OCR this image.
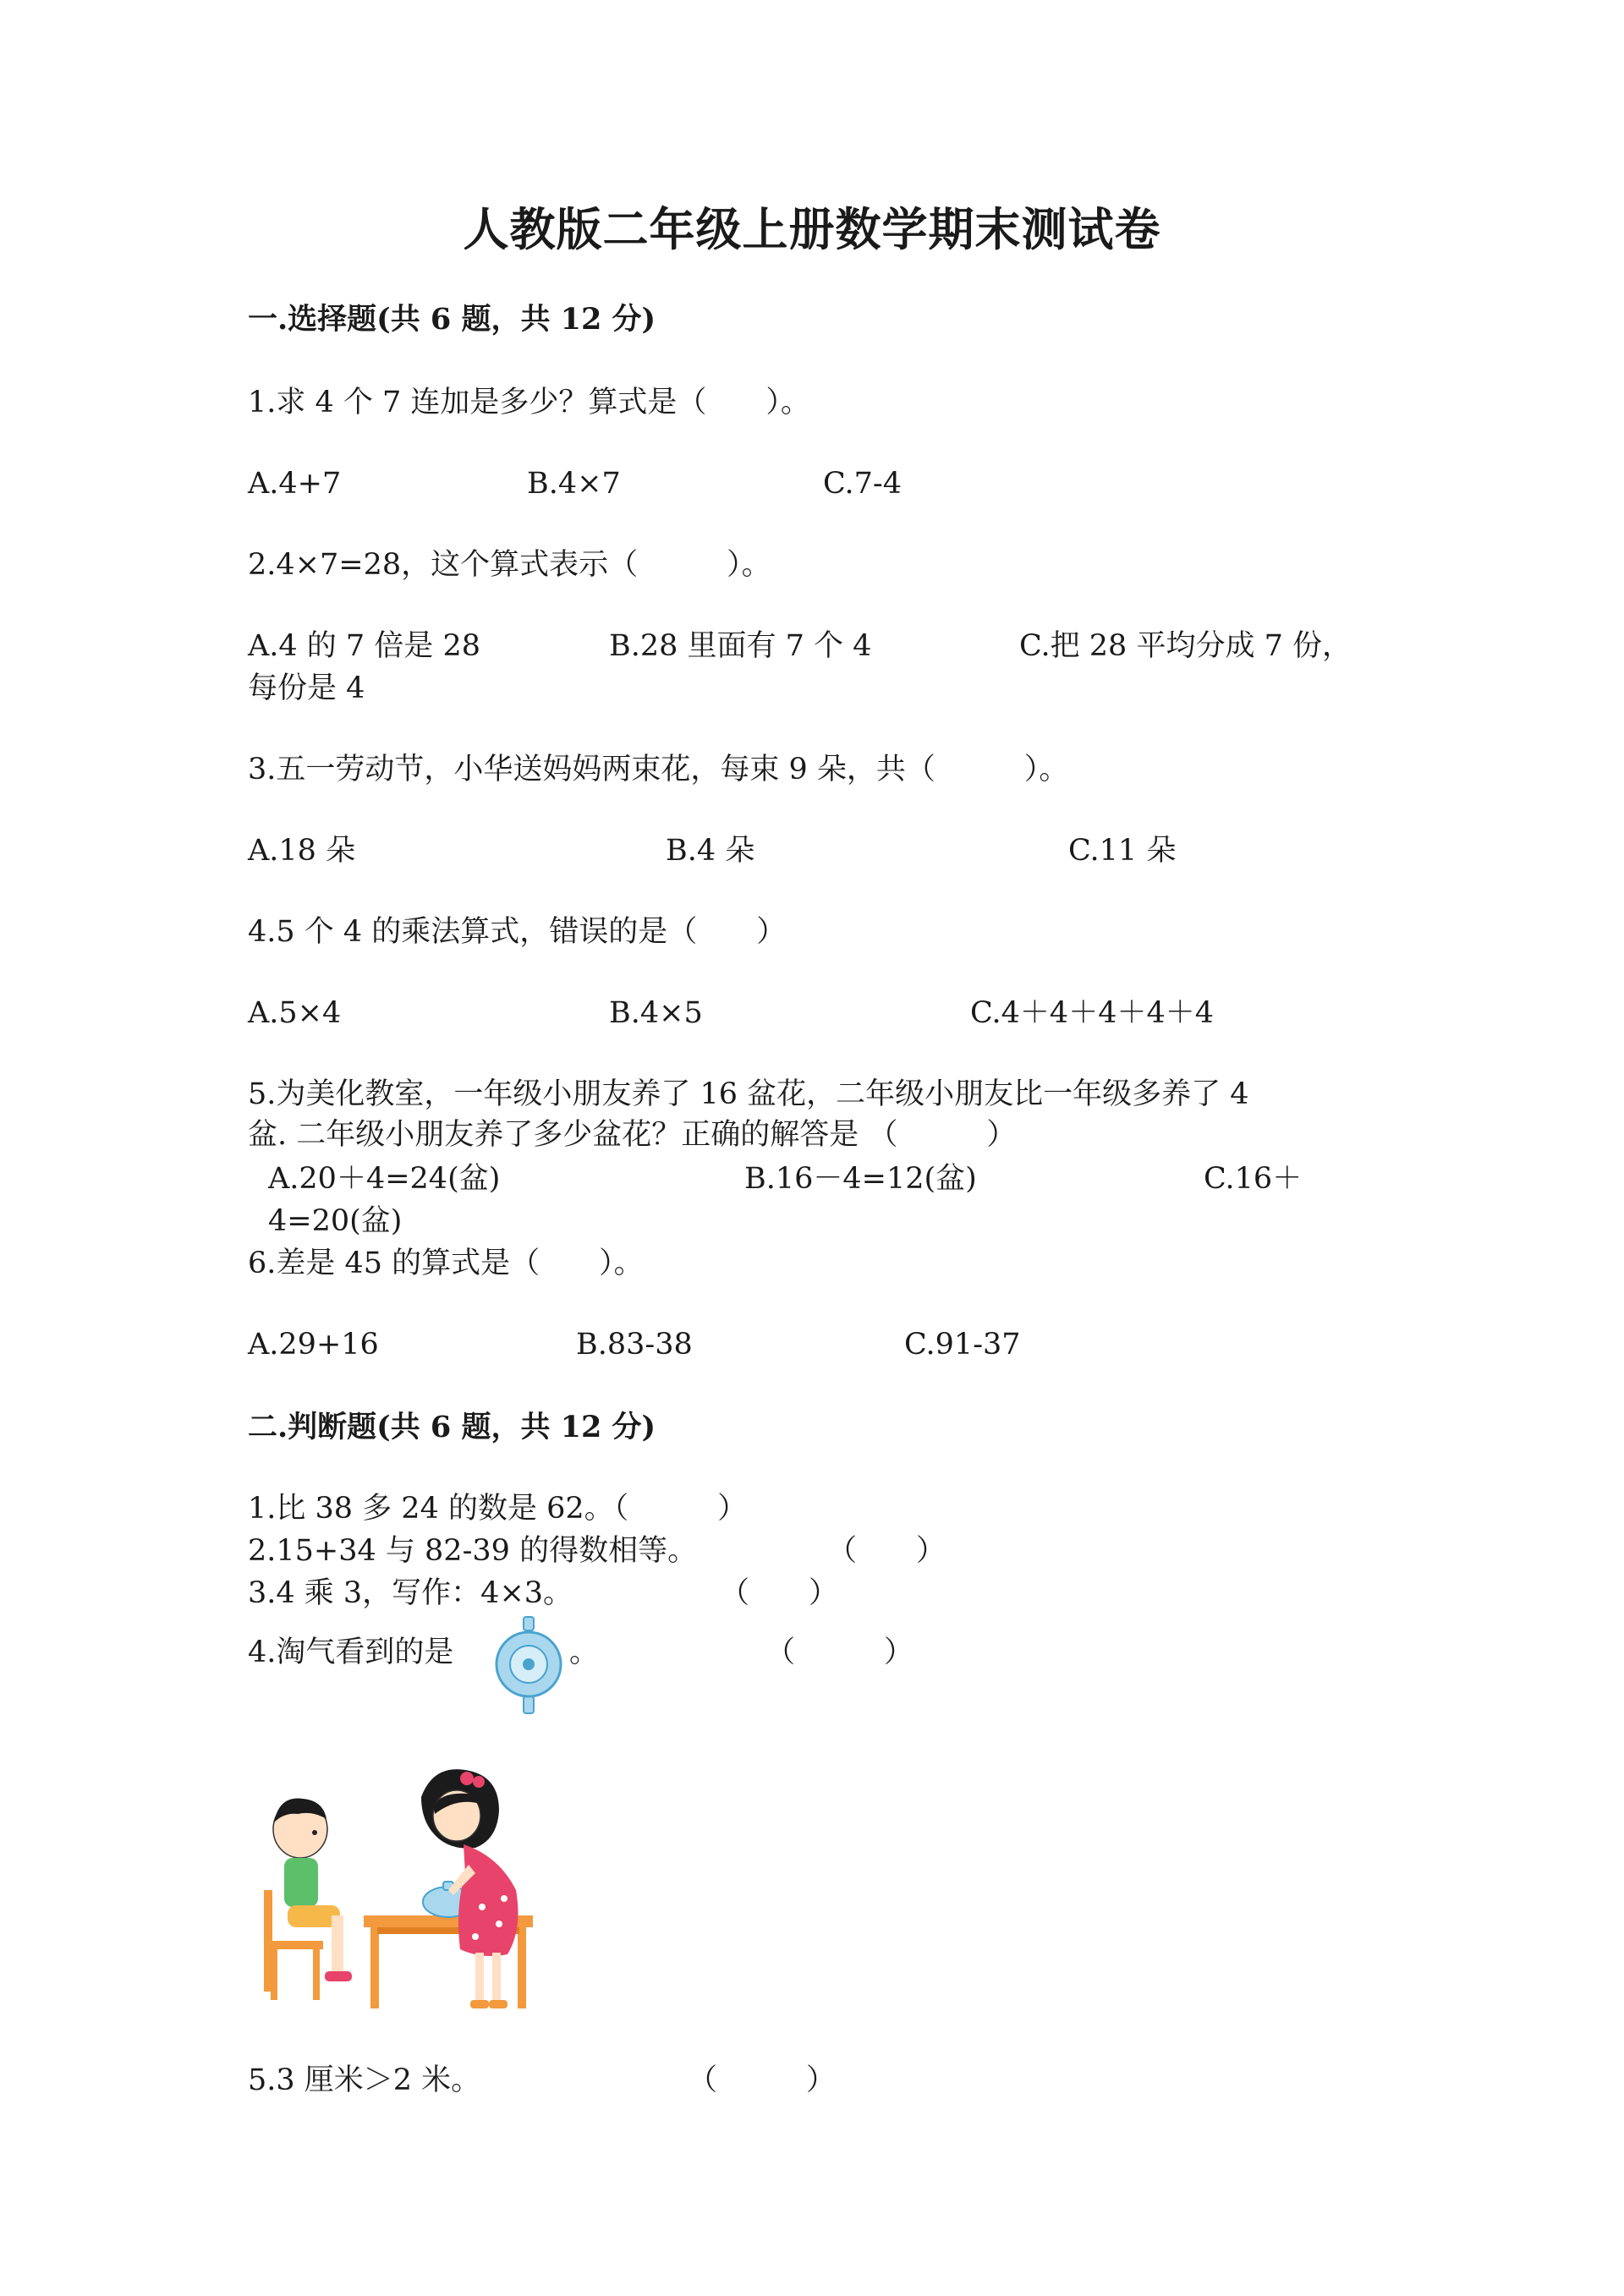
人教版二年级上册数学期末测试卷
一.选择题(共 6 题，共 12 分)
1.求 4 个 7 连加是多少？算式是（　　）。
A.4+7	B.4×7	C.7-4
2.4×7=28，这个算式表示（　　　）。
A.4 的 7 倍是 28	B.28 里面有 7 个 4	C.把 28 平均分成 7 份，
每份是 4
3.五一劳动节，小华送妈妈两束花，每束 9 朵，共（　　　）。
A.18 朵	B.4 朵	C.11 朵
4.5 个 4 的乘法算式，错误的是（　　）
A.5×4	B.4×5	C.4＋4＋4＋4＋4
5.为美化教室，一年级小朋友养了 16 盆花，二年级小朋友比一年级多养了 4
盆. 二年级小朋友养了多少盆花？正确的解答是 （　　　）
A.20＋4=24(盆)	B.16－4=12(盆)	C.16＋
4=20(盆)
6.差是 45 的算式是（　　）。
A.29+16	B.83-38	C.91-37
二.判断题(共 6 题，共 12 分)
1.比 38 多 24 的数是 62。（　　　）
2.15+34 与 82-39 的得数相等。	（　　）
3.4 乘 3，写作：4×3。	（　　）
4.淘气看到的是	。	（　　　）
5.3 厘米＞2 米。	（　　　）
